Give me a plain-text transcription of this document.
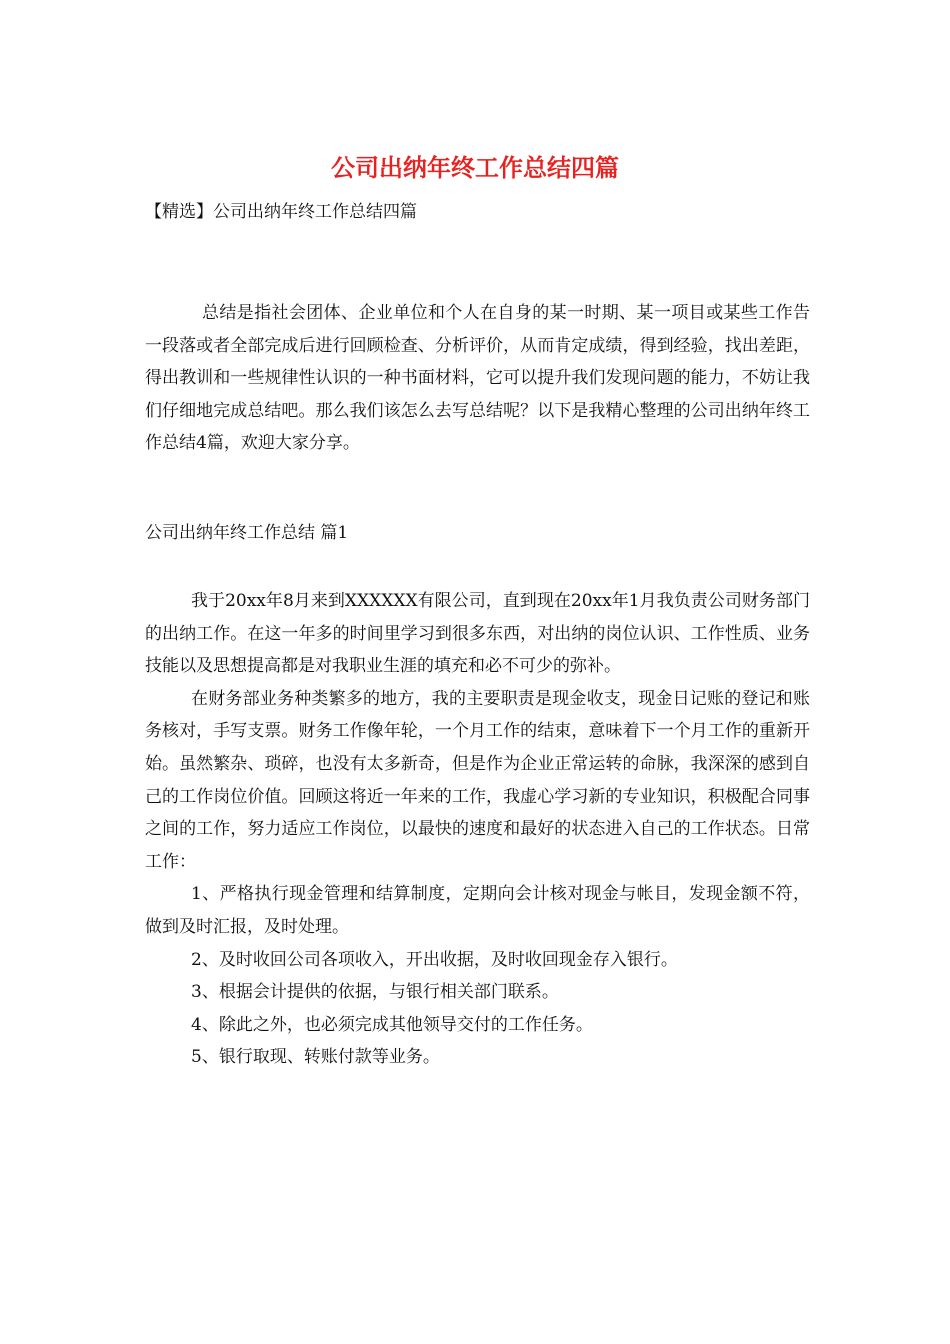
公司出纳年终工作总结四篇

【精选】公司出纳年终工作总结四篇

总结是指社会团体、企业单位和个人在自身的某一时期、某一项目或某些工作告一段落或者全部完成后进行回顾检查、分析评价，从而肯定成绩，得到经验，找出差距，得出教训和一些规律性认识的一种书面材料，它可以提升我们发现问题的能力，不妨让我们仔细地完成总结吧。那么我们该怎么去写总结呢？以下是我精心整理的公司出纳年终工作总结4篇，欢迎大家分享。

公司出纳年终工作总结 篇1

我于20xx年8月来到XXXXXX有限公司，直到现在20xx年1月我负责公司财务部门的出纳工作。在这一年多的时间里学习到很多东西，对出纳的岗位认识、工作性质、业务技能以及思想提高都是对我职业生涯的填充和必不可少的弥补。

在财务部业务种类繁多的地方，我的主要职责是现金收支，现金日记账的登记和账务核对，手写支票。财务工作像年轮，一个月工作的结束，意味着下一个月工作的重新开始。虽然繁杂、琐碎，也没有太多新奇，但是作为企业正常运转的命脉，我深深的感到自己的工作岗位价值。回顾这将近一年来的工作，我虚心学习新的专业知识，积极配合同事之间的工作，努力适应工作岗位，以最快的速度和最好的状态进入自己的工作状态。日常工作：

1、严格执行现金管理和结算制度，定期向会计核对现金与帐目，发现金额不符，做到及时汇报，及时处理。

2、及时收回公司各项收入，开出收据，及时收回现金存入银行。

3、根据会计提供的依据，与银行相关部门联系。

4、除此之外，也必须完成其他领导交付的工作任务。

5、银行取现、转账付款等业务。
